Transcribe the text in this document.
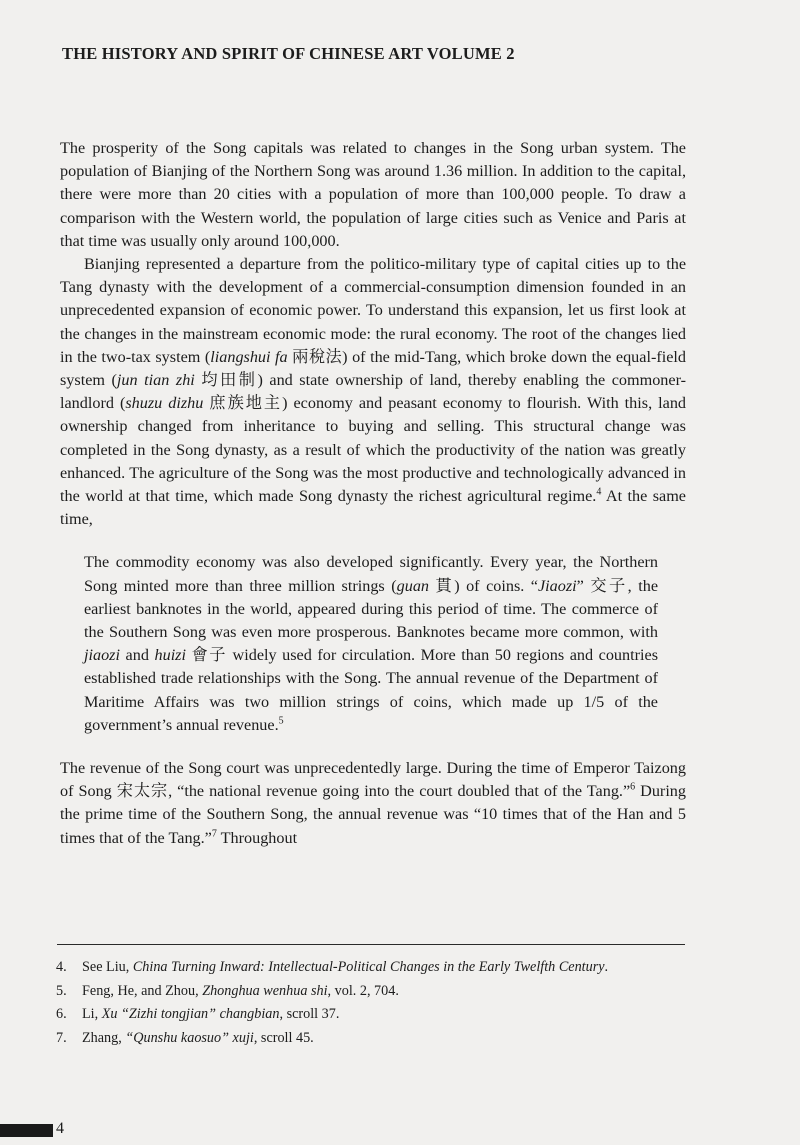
THE HISTORY AND SPIRIT OF CHINESE ART VOLUME 2

The prosperity of the Song capitals was related to changes in the Song urban system. The population of Bianjing of the Northern Song was around 1.36 million. In addition to the capital, there were more than 20 cities with a population of more than 100,000 people. To draw a comparison with the Western world, the population of large cities such as Venice and Paris at that time was usually only around 100,000.

Bianjing represented a departure from the politico-military type of capital cities up to the Tang dynasty with the development of a commercial-consumption dimension founded in an unprecedented expansion of economic power. To understand this expansion, let us first look at the changes in the mainstream economic mode: the rural economy. The root of the changes lied in the two-tax system (liangshui fa 兩稅法) of the mid-Tang, which broke down the equal-field system (jun tian zhi 均田制) and state ownership of land, thereby enabling the commoner-landlord (shuzu dizhu 庶族地主) economy and peasant economy to flourish. With this, land ownership changed from inheritance to buying and selling. This structural change was completed in the Song dynasty, as a result of which the productivity of the nation was greatly enhanced. The agriculture of the Song was the most productive and technologically advanced in the world at that time, which made Song dynasty the richest agricultural regime.$^4$ At the same time,

The commodity economy was also developed significantly. Every year, the Northern Song minted more than three million strings (guan 貫) of coins. “Jiaozi” 交子, the earliest banknotes in the world, appeared during this period of time. The commerce of the Southern Song was even more prosperous. Banknotes became more common, with jiaozi and huizi 會子 widely used for circulation. More than 50 regions and countries established trade relationships with the Song. The annual revenue of the Department of Maritime Affairs was two million strings of coins, which made up 1/5 of the government’s annual revenue.$^5$

The revenue of the Song court was unprecedentedly large. During the time of Emperor Taizong of Song 宋太宗, “the national revenue going into the court doubled that of the Tang.”$^6$ During the prime time of the Southern Song, the annual revenue was “10 times that of the Han and 5 times that of the Tang.”$^7$ Throughout

4.	See Liu, China Turning Inward: Intellectual-Political Changes in the Early Twelfth Century.
5.	Feng, He, and Zhou, Zhonghua wenhua shi, vol. 2, 704.
6.	Li, Xu “Zizhi tongjian” changbian, scroll 37.
7.	Zhang, “Qunshu kaosuo” xuji, scroll 45.
4
